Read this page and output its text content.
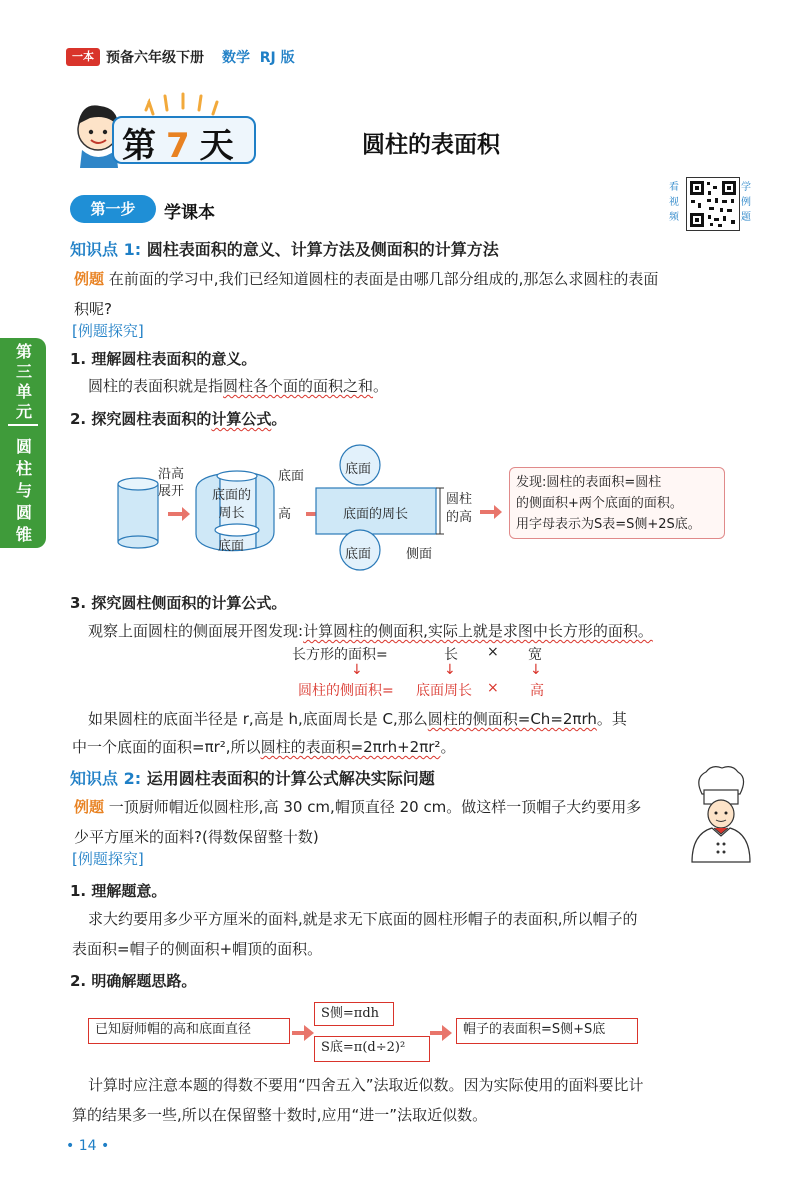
一本 预备六年级下册 数学 RJ 版
第7天	圆柱的表面积
第一步	学课本
看视频
学例题
第三单元
圆柱与圆锥
知识点 1: 圆柱表面积的意义、计算方法及侧面积的计算方法
例题 在前面的学习中,我们已经知道圆柱的表面是由哪几部分组成的,那怎么求圆柱的表面
积呢?
[例题探究]
1. 理解圆柱表面积的意义。
圆柱的表面积就是指圆柱各个面的面积之和。
2. 探究圆柱表面积的计算公式。
沿高
展开
底面
底面的
周长
底面
高
底面
底面的周长
圆柱
的高
底面	侧面
发现:圆柱的表面积=圆柱
的侧面积+两个底面的面积。
用字母表示为S表=S侧+2S底。
3. 探究圆柱侧面积的计算公式。
观察上面圆柱的侧面展开图发现:计算圆柱的侧面积,实际上就是求图中长方形的面积。
长方形的面积=	长 × 宽
↓	↓	↓
圆柱的侧面积= 底面周长 × 高
如果圆柱的底面半径是 r,高是 h,底面周长是 C,那么圆柱的侧面积=Ch=2πrh。其
中一个底面的面积=πr²,所以圆柱的表面积=2πrh+2πr²。
知识点 2: 运用圆柱表面积的计算公式解决实际问题
例题 一顶厨师帽近似圆柱形,高 30 cm,帽顶直径 20 cm。做这样一顶帽子大约要用多
少平方厘米的面料?(得数保留整十数)
[例题探究]
1. 理解题意。
求大约要用多少平方厘米的面料,就是求无下底面的圆柱形帽子的表面积,所以帽子的
表面积=帽子的侧面积+帽顶的面积。
2. 明确解题思路。
已知厨师帽的高和底面直径
S侧=πdh
S底=π(d÷2)²
帽子的表面积=S侧+S底
计算时应注意本题的得数不要用“四舍五入”法取近似数。因为实际使用的面料要比计
算的结果多一些,所以在保留整十数时,应用“进一”法取近似数。
• 14 •
